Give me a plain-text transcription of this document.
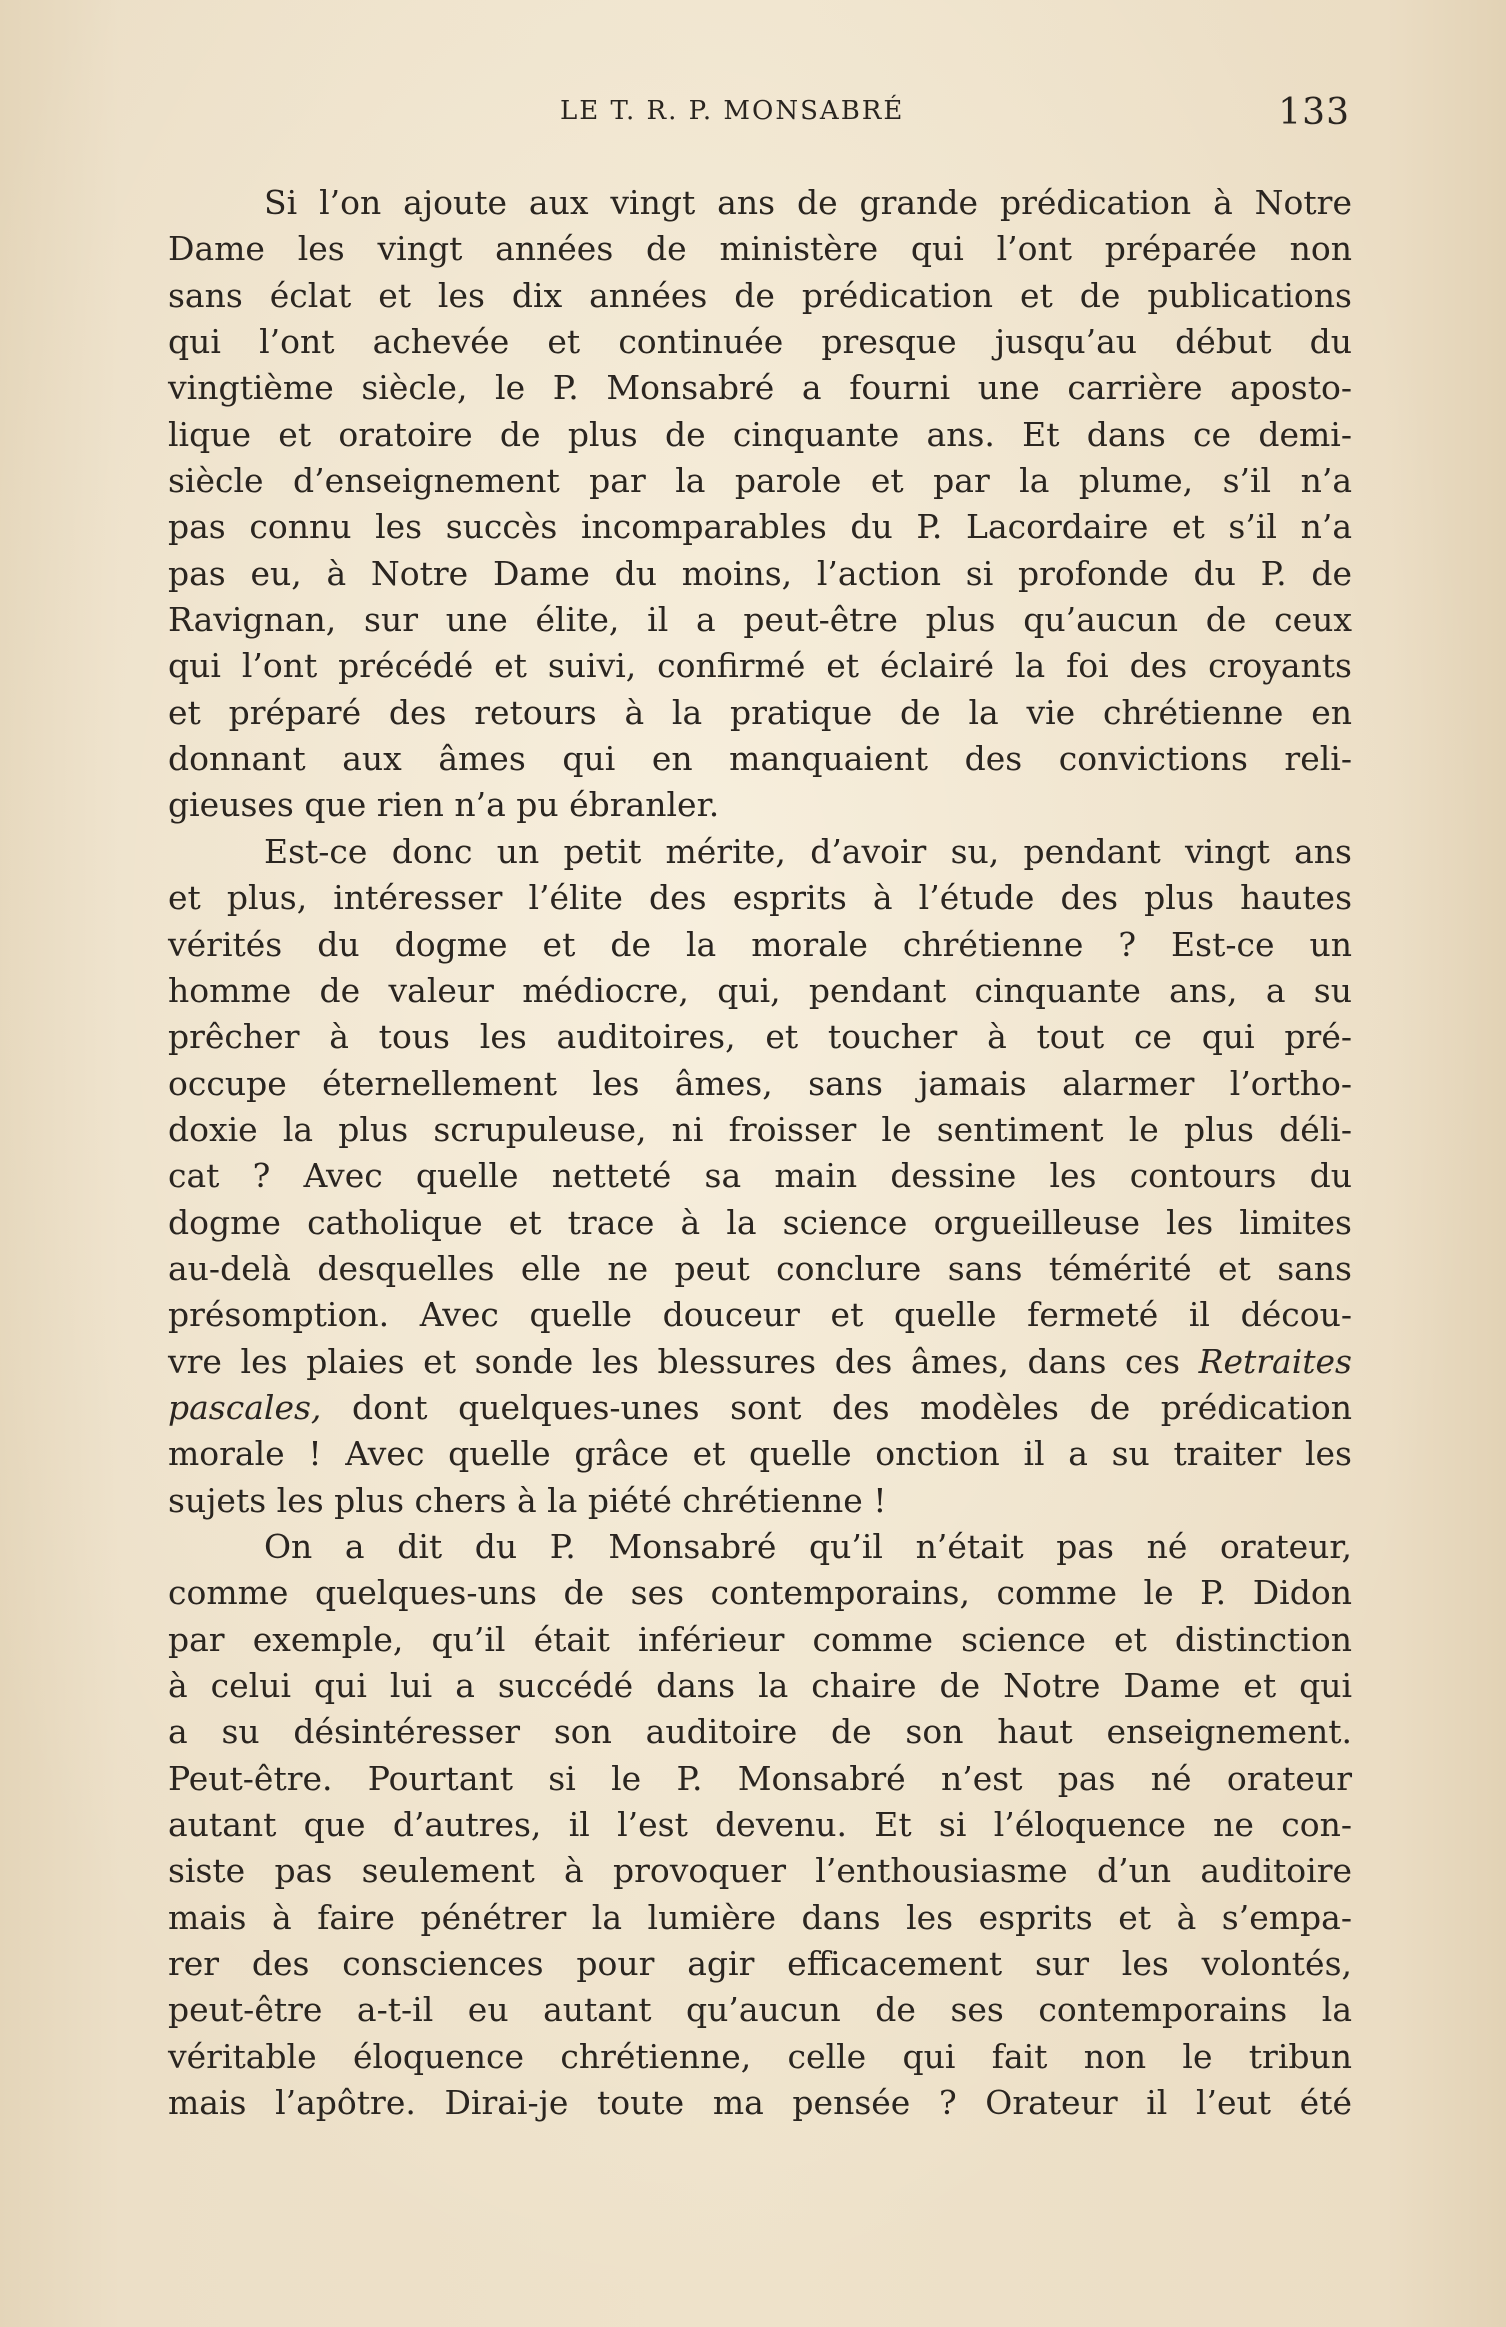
LE T. R. P. MONSABRÉ	133
Si l’on ajoute aux vingt ans de grande prédication à Notre
Dame les vingt années de ministère qui l’ont préparée non
sans éclat et les dix années de prédication et de publications
qui l’ont achevée et continuée presque jusqu’au début du
vingtième siècle, le P. Monsabré a fourni une carrière aposto-
lique et oratoire de plus de cinquante ans. Et dans ce demi-
siècle d’enseignement par la parole et par la plume, s’il n’a
pas connu les succès incomparables du P. Lacordaire et s’il n’a
pas eu, à Notre Dame du moins, l’action si profonde du P. de
Ravignan, sur une élite, il a peut-être plus qu’aucun de ceux
qui l’ont précédé et suivi, confirmé et éclairé la foi des croyants
et préparé des retours à la pratique de la vie chrétienne en
donnant aux âmes qui en manquaient des convictions reli-
gieuses que rien n’a pu ébranler.
Est-ce donc un petit mérite, d’avoir su, pendant vingt ans
et plus, intéresser l’élite des esprits à l’étude des plus hautes
vérités du dogme et de la morale chrétienne ? Est-ce un
homme de valeur médiocre, qui, pendant cinquante ans, a su
prêcher à tous les auditoires, et toucher à tout ce qui pré-
occupe éternellement les âmes, sans jamais alarmer l’ortho-
doxie la plus scrupuleuse, ni froisser le sentiment le plus déli-
cat ? Avec quelle netteté sa main dessine les contours du
dogme catholique et trace à la science orgueilleuse les limites
au-delà desquelles elle ne peut conclure sans témérité et sans
présomption. Avec quelle douceur et quelle fermeté il décou-
vre les plaies et sonde les blessures des âmes, dans ces Retraites
pascales, dont quelques-unes sont des modèles de prédication
morale ! Avec quelle grâce et quelle onction il a su traiter les
sujets les plus chers à la piété chrétienne !
On a dit du P. Monsabré qu’il n’était pas né orateur,
comme quelques-uns de ses contemporains, comme le P. Didon
par exemple, qu’il était inférieur comme science et distinction
à celui qui lui a succédé dans la chaire de Notre Dame et qui
a su désintéresser son auditoire de son haut enseignement.
Peut-être. Pourtant si le P. Monsabré n’est pas né orateur
autant que d’autres, il l’est devenu. Et si l’éloquence ne con-
siste pas seulement à provoquer l’enthousiasme d’un auditoire
mais à faire pénétrer la lumière dans les esprits et à s’empa-
rer des consciences pour agir efficacement sur les volontés,
peut-être a-t-il eu autant qu’aucun de ses contemporains la
véritable éloquence chrétienne, celle qui fait non le tribun
mais l’apôtre. Dirai-je toute ma pensée ? Orateur il l’eut été
